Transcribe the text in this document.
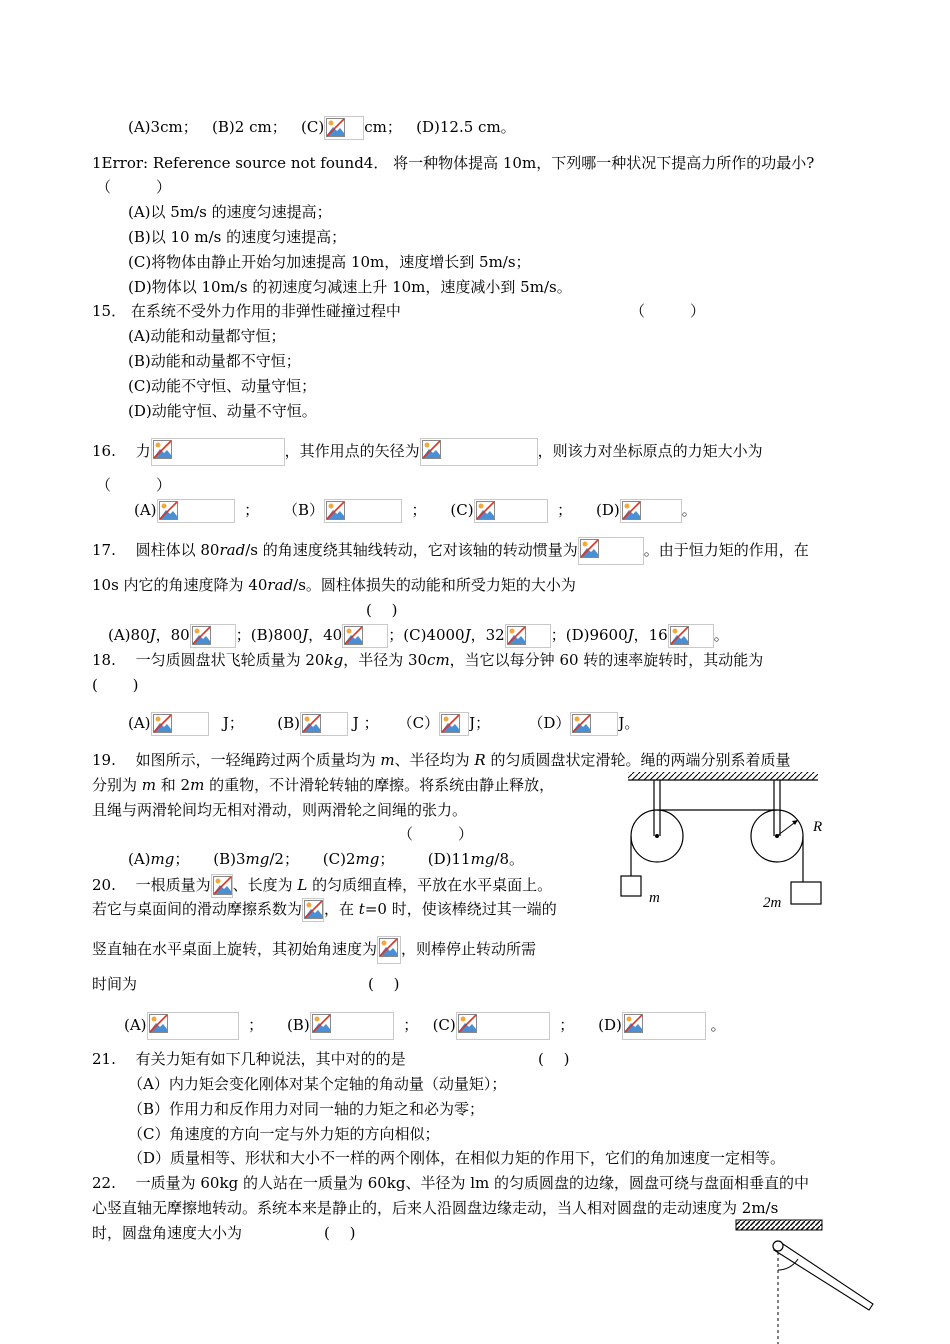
(A)3cm； (B)2 cm； (C)	cm； (D)12.5 cm。
1Error: Reference source not found4． 将一种物体提高 10m，下列哪一种状况下提高力所作的功最小?
（　　　）
(A)以 5m/s 的速度匀速提高；
(B)以 10 m/s 的速度匀速提高；
(C)将物体由静止开始匀加速提高 10m，速度增长到 5m/s；
(D)物体以 10m/s 的初速度匀减速上升 10m，速度减小到 5m/s。
15． 在系统不受外力作用的非弹性碰撞过程中	（　　　）
(A)动能和动量都守恒；
(B)动能和动量都不守恒；
(C)动能不守恒、动量守恒；
(D)动能守恒、动量不守恒。
16.　 力	，其作用点的矢径为	，则该力对坐标原点的力矩大小为
（　　　）
(A)	； （B）	； (C)	； (D)	。
17.　 圆柱体以 80rad/s 的角速度绕其轴线转动，它对该轴的转动惯量为	。由于恒力矩的作用，在
10s 内它的角速度降为 40rad/s。圆柱体损失的动能和所受力矩的大小为
(　 )
(A)80J，80	；(B)800J，40	；(C)4000J，32	；(D)9600J，16	。
18.　 一匀质圆盘状飞轮质量为 20kg，半径为 30cm，当它以每分钟 60 转的速率旋转时，其动能为
(　　 )
(A)	J； (B)	J ； （C） J；	（D）	J。
19.　 如图所示，一轻绳跨过两个质量均为 m、半径均为 R 的匀质圆盘状定滑轮。绳的两端分别系着质量
分别为 m 和 2m 的重物，不计滑轮转轴的摩擦。将系统由静止释放，
且绳与两滑轮间均无相对滑动，则两滑轮之间绳的张力。
（　　　）
(A)mg； (B)3mg/2； (C)2mg； (D)11mg/8。
R
m	2m
20.　 一根质量为 、长度为 L 的匀质细直棒，平放在水平桌面上。
若它与桌面间的滑动摩擦系数为 ，在 t=0 时，使该棒绕过其一端的
竖直轴在水平桌面上旋转，其初始角速度为 ，则棒停止转动所需
时间为	(　 )
(A)	； (B)	； (C)	； (D)	。
21.　 有关力矩有如下几种说法，其中对的的是	(　 )
（A）内力矩会变化刚体对某个定轴的角动量（动量矩）；
（B）作用力和反作用力对同一轴的力矩之和必为零；
（C）角速度的方向一定与外力矩的方向相似；
（D）质量相等、形状和大小不一样的两个刚体，在相似力矩的作用下，它们的角加速度一定相等。
22.　 一质量为 60kg 的人站在一质量为 60kg、半径为 lm 的匀质圆盘的边缘，圆盘可绕与盘面相垂直的中
心竖直轴无摩擦地转动。系统本来是静止的，后来人沿圆盘边缘走动，当人相对圆盘的走动速度为 2m/s
时，圆盘角速度大小为	(　 )
